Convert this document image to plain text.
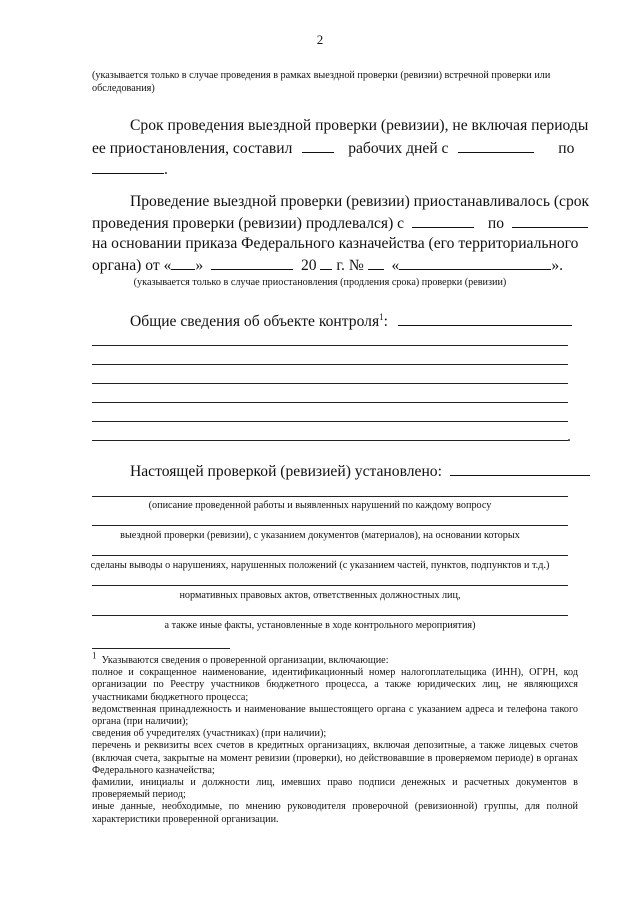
2
(указывается только в случае проведения в рамках выездной проверки (ревизии) встречной проверки или
обследования)
Срок проведения выездной проверки (ревизии), не включая периоды
ее приостановления, составил	рабочих дней с	по
.
Проведение выездной проверки (ревизии) приостанавливалось (срок
проведения проверки (ревизии) продлевался) с	по
на основании приказа Федерального казначейства (его территориального
органа) от « »	20 г. № «	».
(указывается только в случае приостановления (продления срока) проверки (ревизии)
Общие сведения об объекте контроля$^1$:
.
Настоящей проверкой (ревизией) установлено:
(описание проведенной работы и выявленных нарушений по каждому вопросу
выездной проверки (ревизии), с указанием документов (материалов), на основании которых
сделаны выводы о нарушениях, нарушенных положений (с указанием частей, пунктов, подпунктов и т.д.)
нормативных правовых актов, ответственных должностных лиц,
а также иные факты, установленные в ходе контрольного мероприятия)
1 Указываются сведения о проверенной организации, включающие:
полное и сокращенное наименование, идентификационный номер налогоплательщика (ИНН), ОГРН, код организации по Реестру участников бюджетного процесса, а также юридических лиц, не являющихся участниками бюджетного процесса;
ведомственная принадлежность и наименование вышестоящего органа с указанием адреса и телефона такого органа (при наличии);
сведения об учредителях (участниках) (при наличии);
перечень и реквизиты всех счетов в кредитных организациях, включая депозитные, а также лицевых счетов (включая счета, закрытые на момент ревизии (проверки), но действовавшие в проверяемом периоде) в органах Федерального казначейства;
фамилии, инициалы и должности лиц, имевших право подписи денежных и расчетных документов в проверяемый период;
иные данные, необходимые, по мнению руководителя проверочной (ревизионной) группы, для полной характеристики проверенной организации.
